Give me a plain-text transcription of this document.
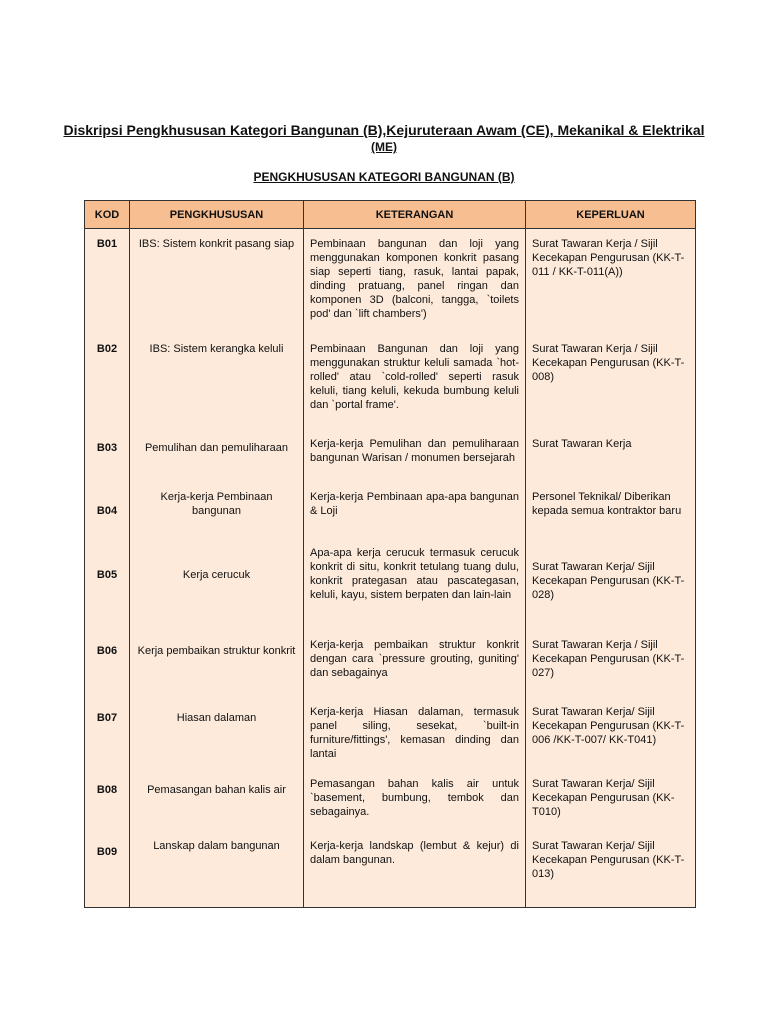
Diskripsi Pengkhususan Kategori Bangunan (B),Kejuruteraan Awam (CE), Mekanikal & Elektrikal (ME)
PENGKHUSUSAN KATEGORI BANGUNAN (B)
KOD	PENGKHUSUSAN	KETERANGAN	KEPERLUAN
B01	IBS: Sistem konkrit pasang siap	Pembinaan bangunan dan loji yang menggunakan komponen konkrit pasang siap seperti tiang, rasuk, lantai papak, dinding pratuang, panel ringan dan komponen 3D (balconi, tangga, `toilets pod' dan `lift chambers')	Surat Tawaran Kerja / Sijil Kecekapan Pengurusan (KK-T-011 / KK-T-011(A))
B02	IBS: Sistem kerangka keluli	Pembinaan Bangunan dan loji yang menggunakan struktur keluli samada `hot-rolled' atau `cold-rolled' seperti rasuk keluli, tiang keluli, kekuda bumbung keluli dan `portal frame'.	Surat Tawaran Kerja / Sijil Kecekapan Pengurusan (KK-T-008)
B03	Pemulihan dan pemuliharaan	Kerja-kerja Pemulihan dan pemuliharaan bangunan Warisan / monumen bersejarah	Surat Tawaran Kerja
B04	Kerja-kerja Pembinaan bangunan	Kerja-kerja Pembinaan apa-apa bangunan & Loji	Personel Teknikal/ Diberikan kepada semua kontraktor baru
B05	Kerja cerucuk	Apa-apa kerja cerucuk termasuk cerucuk konkrit di situ, konkrit tetulang tuang dulu, konkrit prategasan atau pascategasan, keluli, kayu, sistem berpaten dan lain-lain	Surat Tawaran Kerja/ Sijil Kecekapan Pengurusan (KK-T-028)
B06	Kerja pembaikan struktur konkrit	Kerja-kerja pembaikan struktur konkrit dengan cara `pressure grouting, guniting' dan sebagainya	Surat Tawaran Kerja / Sijil Kecekapan Pengurusan (KK-T-027)
B07	Hiasan dalaman	Kerja-kerja Hiasan dalaman, termasuk panel siling, sesekat, `built-in furniture/fittings', kemasan dinding dan lantai	Surat Tawaran Kerja/ Sijil Kecekapan Pengurusan (KK-T-006 /KK-T-007/ KK-T041)
B08	Pemasangan bahan kalis air	Pemasangan bahan kalis air untuk `basement, bumbung, tembok dan sebagainya.	Surat Tawaran Kerja/ Sijil Kecekapan Pengurusan (KK-T010)
B09	Lanskap dalam bangunan	Kerja-kerja landskap (lembut & kejur) di dalam bangunan.	Surat Tawaran Kerja/ Sijil Kecekapan Pengurusan (KK-T-013)
